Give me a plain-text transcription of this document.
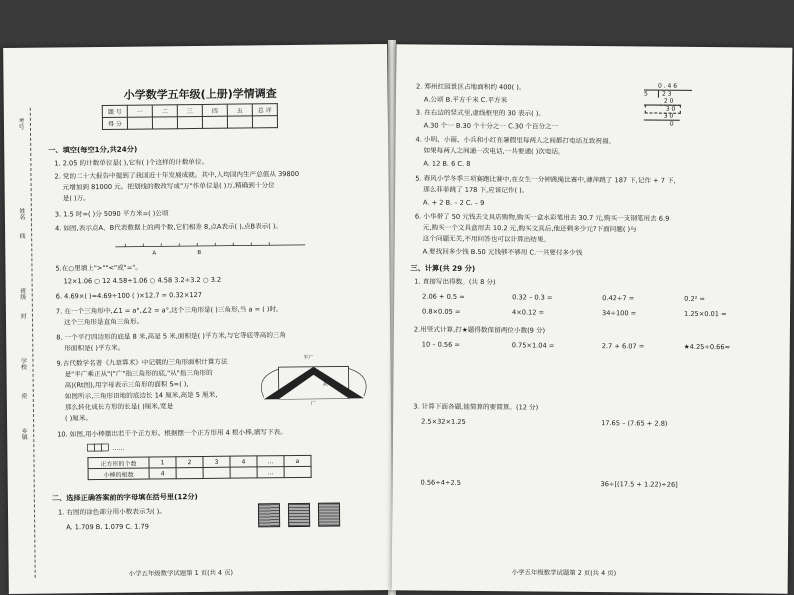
小学数学五年级(上册)学情调查
题 号	一	二	三	四	五	总 评
得 分						
考号
姓名
线
班级
封
学校
密
乡镇
一、填空(每空1分,共24分)
1. 2.05 的计数单位是( ),它有( )个这样的计数单位。
2. 党的二十大报告中提到了我国近十年发展成就。其中,人均国内生产总值从 39800
元增加到 81000 元。把划线的数改写成"万"作单位是( )万,精确到十分位
是( )万。
3. 1.5 时=( )分 5090 平方米=( )公顷
4. 如图,表示点A、B代表数据上的两个数,它们相差 8,点A表示( ),点B表示( )。
A	B
5.在○里填上">""<"或"="。
12×1.06 ○ 12 4.58÷1.06 ○ 4.58 3.2÷3.2 ○ 3.2
6. 4.69×( )=4.69÷100 ( )×12.7 = 0.32×127
7. 在一个三角形中,∠1 = a°,∠2 = a°,这个三角形是( )三角形,当 a = ( )时,
这个三角形是直角三角形。
8. 一个平行四边形的底是 8 米,高是 5 米,面积是( )平方米,与它等底等高的三角
形面积是( )平方米。
9.古代数学名著《九章算术》中记载的三角形面积计算方法
是"半广乘正从"("广"指三角形的底,"从"指三角形的
高)(Rt图),用字母表示三角形的面积 S=( ),
如图所示,三角形田地的底边长 14 厘米,高是 5 厘米,
那么转化成长方形的长是( )厘米,宽是
( )厘米。
半广
从
广
10. 如图,用小棒摆出若干个正方形。根据摆一个正方形用 4 根小棒,填写下表。
……
正方形的个数	1	2	3	4	…	a
小棒的根数	4				…	
二、选择正确答案前的字母填在括号里(12分)
1. 右图的涂色部分用小数表示为( )。
A. 1.709 B. 1.079 C. 1.79
小学五年级数学试题第 1 页(共 4 页)
2. 郑州红园景区占地面积约 400( )。
A.公顷 B.平方千米 C.平方米
3. 在右边的竖式里,虚线框里的 30 表示( )。
A.30 个一 B.30 个十分之一 C.30 个百分之一
0 . 4 6
5 2 3
2 0
3 0
3 0
0
4. 小明、小丽、小兵和小红在暑假里每两人之间都打电话互致祝福。
如果每两人之间通一次电话,一共要通( )次电话。
A. 12 B. 6 C. 8
5. 春风小学冬季三项赛跑比赛中,在女生一分钟跳绳比赛中,薄萍跳了 187 下,记作 + 7 下,
那么菲菲跳了 178 下,应该记作( )。
A. + 2 B. – 2 C. – 9
6. 小华带了 50 元钱去文具店购物,购买一盒水彩笔用去 30.7 元,购买一支钢笔用去 6.9
元,购买一个文具盒用去 10.2 元,购买文具后,他还剩多少元?下面问题( )与
这个问题无关,不用回答也可以计算出结果。
A.要找回多少钱 B.50 元钱够不够用 C.一共要付多少钱
三、计算(共 29 分)
1. 直接写出得数。(共 8 分)
2.06 + 0.5 =	0.32 – 0.3 =	0.42÷7 =	0.2² =
0.8×0.05 =	4×0.12 =	34÷100 =	1.25×0.01 =
2.用竖式计算,打★题得数保留两位小数(9 分)
10 – 0.56 =	0.75×1.04 =	2.7 + 6.07 =	★4.25÷0.66≈
3. 计算下面各题,能简算的要简算。(12 分)
2.5×32×1.25	17.65 – (7.65 + 2.8)
0.56÷4÷2.5	36÷[(17.5 + 1.22)÷26]
小学五年级数学试题第 2 页(共 4 页)
